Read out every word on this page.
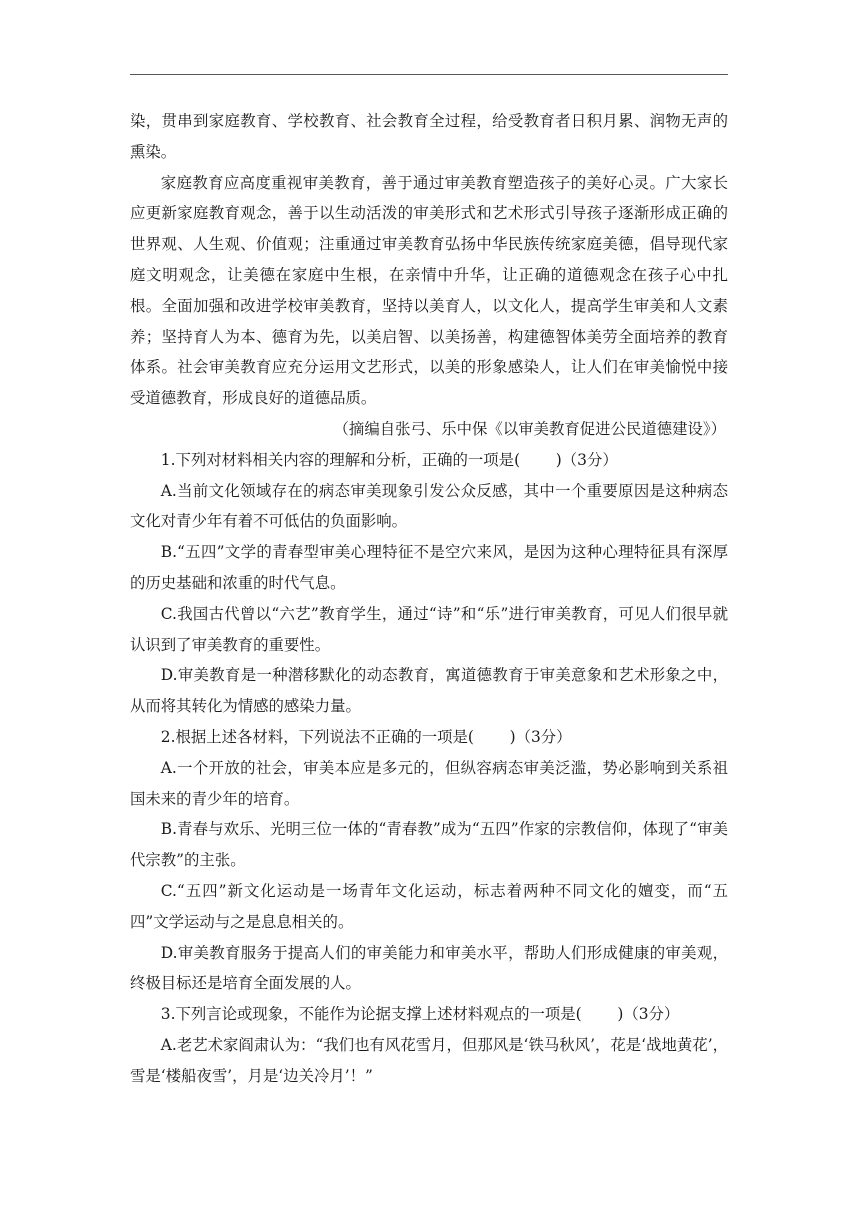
染，贯串到家庭教育、学校教育、社会教育全过程，给受教育者日积月累、润物无声的熏染。

家庭教育应高度重视审美教育，善于通过审美教育塑造孩子的美好心灵。广大家长应更新家庭教育观念，善于以生动活泼的审美形式和艺术形式引导孩子逐渐形成正确的世界观、人生观、价值观；注重通过审美教育弘扬中华民族传统家庭美德，倡导现代家庭文明观念，让美德在家庭中生根，在亲情中升华，让正确的道德观念在孩子心中扎根。全面加强和改进学校审美教育，坚持以美育人，以文化人，提高学生审美和人文素养；坚持育人为本、德育为先，以美启智、以美扬善，构建德智体美劳全面培养的教育体系。社会审美教育应充分运用文艺形式，以美的形象感染人，让人们在审美愉悦中接受道德教育，形成良好的道德品质。

（摘编自张弓、乐中保《以审美教育促进公民道德建设》）

1.下列对材料相关内容的理解和分析，正确的一项是(　　 )（3分）

A.当前文化领域存在的病态审美现象引发公众反感，其中一个重要原因是这种病态文化对青少年有着不可低估的负面影响。

B.“五四”文学的青春型审美心理特征不是空穴来风，是因为这种心理特征具有深厚的历史基础和浓重的时代气息。

C.我国古代曾以“六艺”教育学生，通过“诗”和“乐”进行审美教育，可见人们很早就认识到了审美教育的重要性。

D.审美教育是一种潜移默化的动态教育，寓道德教育于审美意象和艺术形象之中，从而将其转化为情感的感染力量。

2.根据上述各材料，下列说法不正确的一项是(　　 )（3分）

A.一个开放的社会，审美本应是多元的，但纵容病态审美泛滥，势必影响到关系祖国未来的青少年的培育。

B.青春与欢乐、光明三位一体的“青春教”成为“五四”作家的宗教信仰，体现了“审美代宗教”的主张。

C.“五四”新文化运动是一场青年文化运动，标志着两种不同文化的嬗变，而“五四”文学运动与之是息息相关的。

D.审美教育服务于提高人们的审美能力和审美水平，帮助人们形成健康的审美观，终极目标还是培育全面发展的人。

3.下列言论或现象，不能作为论据支撑上述材料观点的一项是(　　 )（3分）

A.老艺术家阎肃认为：“我们也有风花雪月，但那风是‘铁马秋风’，花是‘战地黄花’，雪是‘楼船夜雪’，月是‘边关冷月’！”
